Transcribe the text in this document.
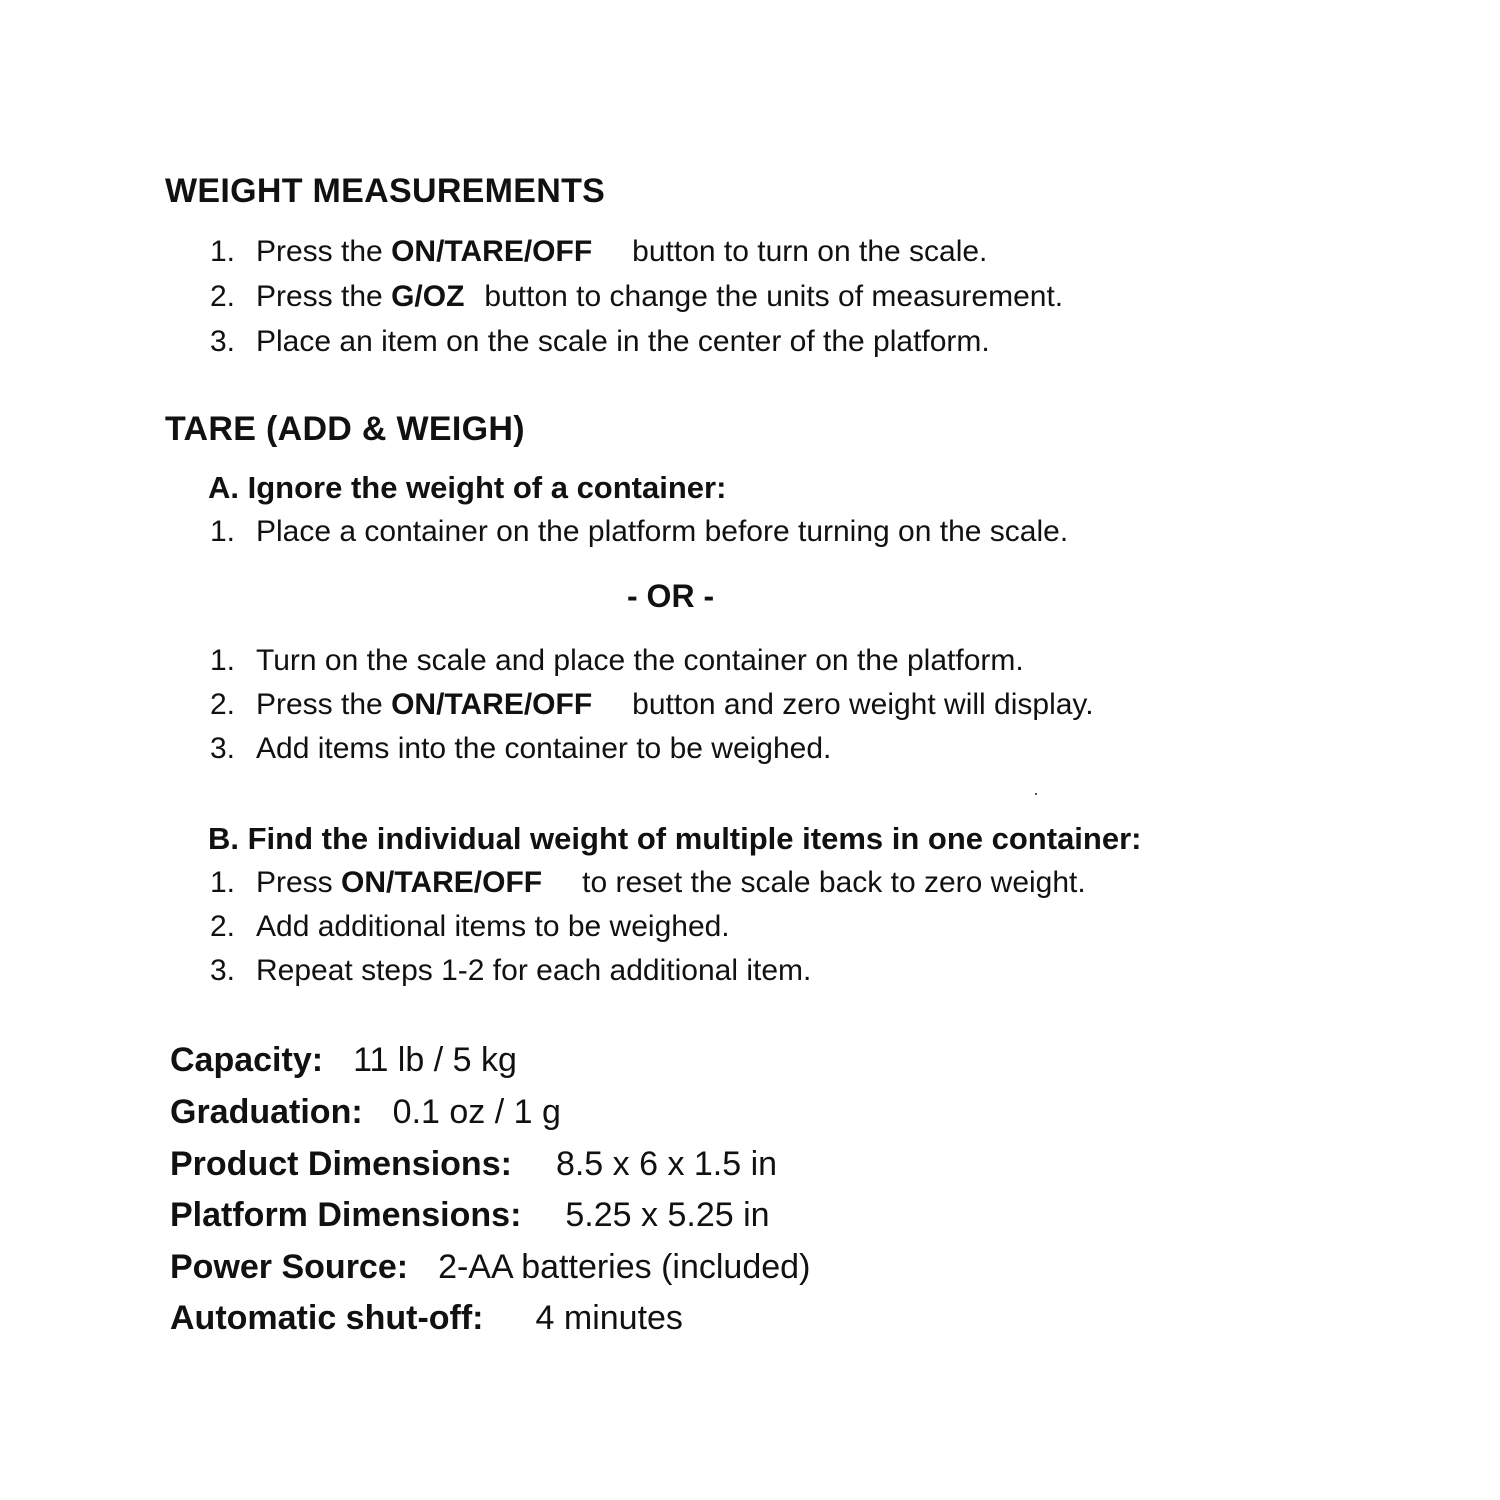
WEIGHT MEASUREMENTS
1. Press the ON/TARE/OFF button to turn on the scale.
2. Press the G/OZ button to change the units of measurement.
3. Place an item on the scale in the center of the platform.
TARE (ADD & WEIGH)
A. Ignore the weight of a container:
1. Place a container on the platform before turning on the scale.
- OR -
1. Turn on the scale and place the container on the platform.
2. Press the ON/TARE/OFF button and zero weight will display.
3. Add items into the container to be weighed.
B. Find the individual weight of multiple items in one container:
1. Press ON/TARE/OFF to reset the scale back to zero weight.
2. Add additional items to be weighed.
3. Repeat steps 1-2 for each additional item.
Capacity: 11 lb / 5 kg
Graduation: 0.1 oz / 1 g
Product Dimensions: 8.5 x 6 x 1.5 in
Platform Dimensions: 5.25 x 5.25 in
Power Source: 2-AA batteries (included)
Automatic shut-off: 4 minutes
